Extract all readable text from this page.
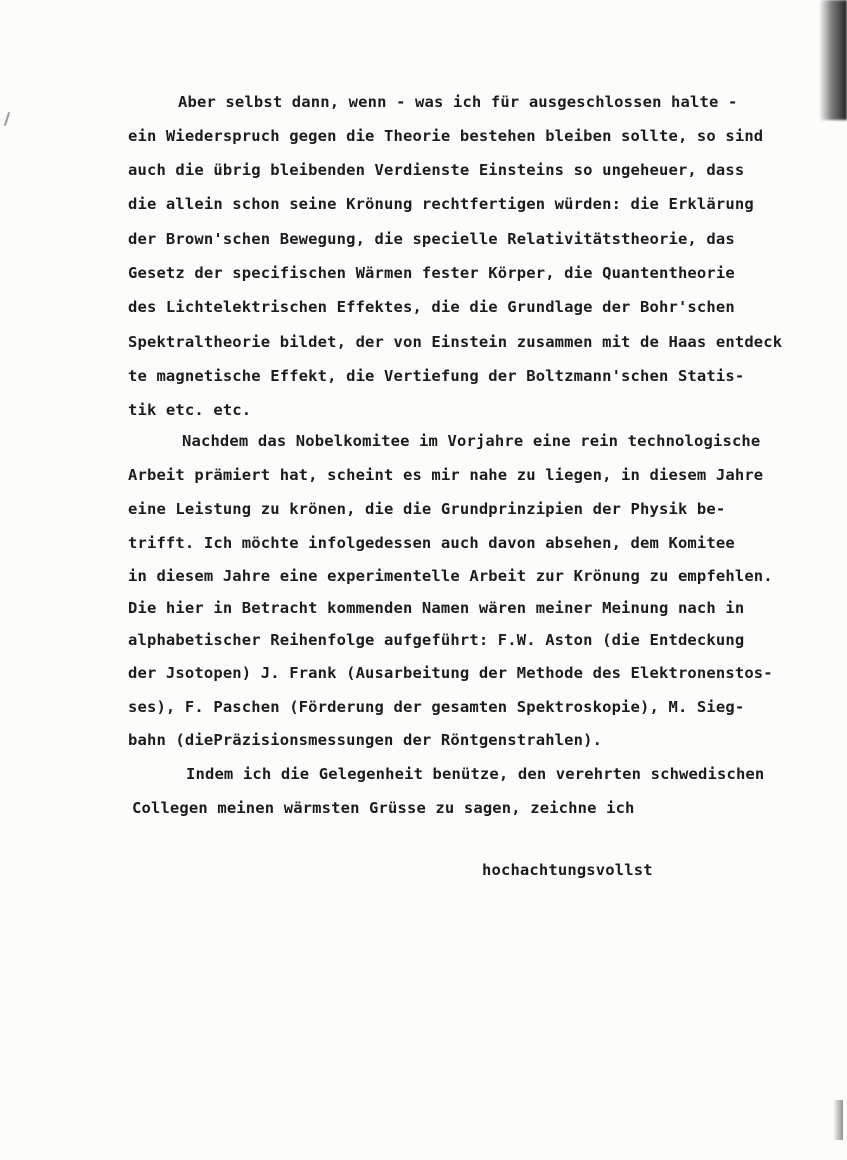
Aber selbst dann, wenn - was ich für ausgeschlossen halte -
ein Wiederspruch gegen die Theorie bestehen bleiben sollte, so sind
auch die übrig bleibenden Verdienste Einsteins so ungeheuer, dass
die allein schon seine Krönung rechtfertigen würden: die Erklärung
der Brown'schen Bewegung, die specielle Relativitätstheorie, das
Gesetz der specifischen Wärmen fester Körper, die Quantentheorie
des Lichtelektrischen Effektes, die die Grundlage der Bohr'schen
Spektraltheorie bildet, der von Einstein zusammen mit de Haas entdeck
te magnetische Effekt, die Vertiefung der Boltzmann'schen Statis-
tik etc. etc.
Nachdem das Nobelkomitee im Vorjahre eine rein technologische
Arbeit prämiert hat, scheint es mir nahe zu liegen, in diesem Jahre
eine Leistung zu krönen, die die Grundprinzipien der Physik be-
trifft. Ich möchte infolgedessen auch davon absehen, dem Komitee
in diesem Jahre eine experimentelle Arbeit zur Krönung zu empfehlen.
Die hier in Betracht kommenden Namen wären meiner Meinung nach in
alphabetischer Reihenfolge aufgeführt: F.W. Aston (die Entdeckung
der Jsotopen) J. Frank (Ausarbeitung der Methode des Elektronenstos-
ses), F. Paschen (Förderung der gesamten Spektroskopie), M. Sieg-
bahn (diePräzisionsmessungen der Röntgenstrahlen).
Indem ich die Gelegenheit benütze, den verehrten schwedischen
Collegen meinen wärmsten Grüsse zu sagen, zeichne ich
hochachtungsvollst
